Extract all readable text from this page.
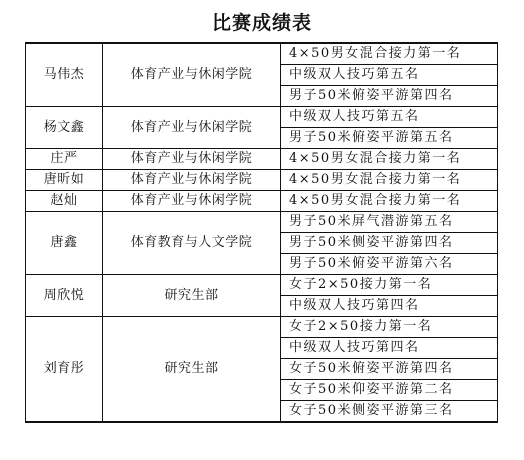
比赛成绩表
马伟杰	体育产业与休闲学院	4×50男女混合接力第一名
		中级双人技巧第五名
		男子50米俯姿平游第四名
杨文鑫	体育产业与休闲学院	中级双人技巧第五名
		男子50米俯姿平游第五名
庄严	体育产业与休闲学院	4×50男女混合接力第一名
唐昕如	体育产业与休闲学院	4×50男女混合接力第一名
赵灿	体育产业与休闲学院	4×50男女混合接力第一名
唐鑫	体育教育与人文学院	男子50米屏气潜游第五名
		男子50米侧姿平游第四名
		男子50米俯姿平游第六名
周欣悦	研究生部	女子2×50接力第一名
		中级双人技巧第四名
刘育彤	研究生部	女子2×50接力第一名
		中级双人技巧第四名
		女子50米俯姿平游第四名
		女子50米仰姿平游第二名
		女子50米侧姿平游第三名
